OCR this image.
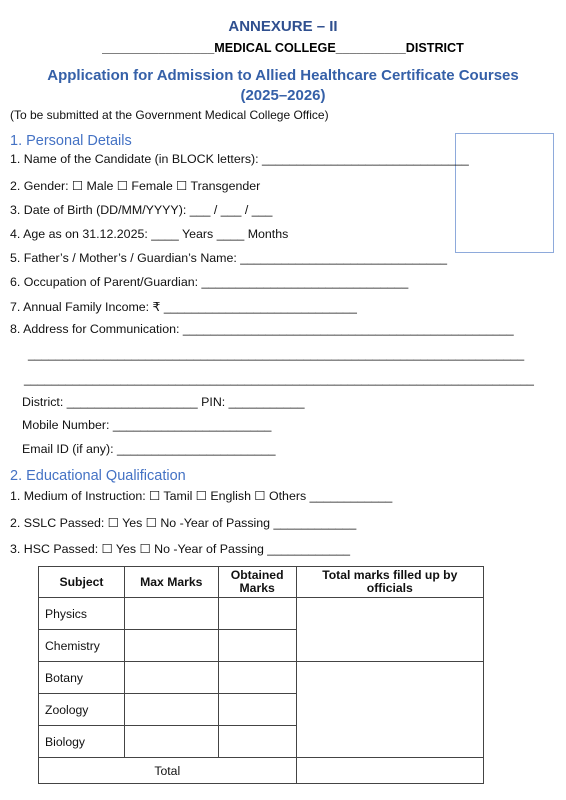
ANNEXURE – II
________________MEDICAL COLLEGE__________DISTRICT
Application for Admission to Allied Healthcare Certificate Courses
(2025–2026)
(To be submitted at the Government Medical College Office)
1. Personal Details
1. Name of the Candidate (in BLOCK letters): ______________________________
2. Gender: ☐ Male ☐ Female ☐ Transgender
3. Date of Birth (DD/MM/YYYY): ___ / ___ / ___
4. Age as on 31.12.2025: ____ Years ____ Months
5. Father’s / Mother’s / Guardian’s Name: ______________________________
6. Occupation of Parent/Guardian: ______________________________
7. Annual Family Income: ₹ ____________________________
8. Address for Communication: ________________________________________________
________________________________________________________________________
__________________________________________________________________________
District: ___________________ PIN: ___________
Mobile Number: _______________________
Email ID (if any): _______________________
2. Educational Qualification
1. Medium of Instruction: ☐ Tamil ☐ English ☐ Others ____________
2. SSLC Passed: ☐ Yes ☐ No -Year of Passing ____________
3. HSC Passed: ☐ Yes ☐ No -Year of Passing ____________
Subject	Max Marks	Obtained Marks	Total marks filled up by officials
Physics			
Chemistry			
Botany			
Zoology			
Biology			
Total			
